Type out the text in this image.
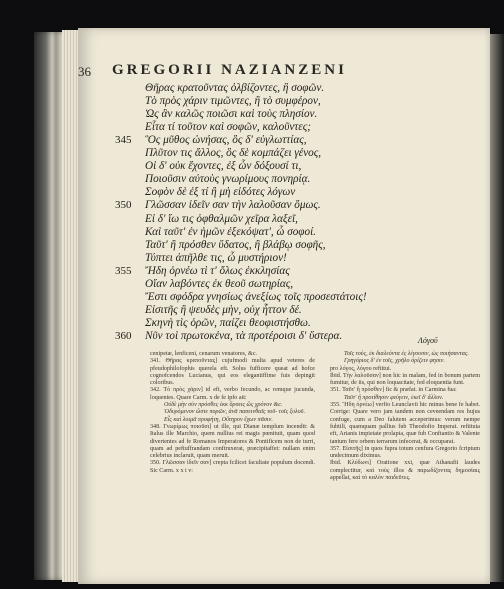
36 GREGORII NAZIANZENI
Θῆρας κρατοῦντας ὀλβίζοντες, ἢ σοφῶν.
Τὸ πρὸς χάριν τιμῶντες, ἢ τὸ συμφέρον,
Ὡς ἂν καλῶς ποιῶσι καὶ τοὺς πλησίον.
Εἶτα τί τοῦτον καὶ σοφῶν, καλοῦντες;
Ὃς μῦθος ὠνήσας, ὃς δ' εὐγλωττίας,
345
Πλῦτον τις ἄλλος, ὃς δὲ κομπάζει γένος,
Οἱ δ' οὐκ ἔχοντες, ἐξ ὧν δόξουσί τι,
Ποιοῦσιν αὐτοὺς γνωρίμους πονηρίᾳ.
Σοφὸν δὲ ἐξ τί ἢ μὴ εἰδότες λόγων
Γλῶσσαν ἰδεῖν σαν τὴν λαλοῦσαν ὅμως.
350
Εἰ δ' ἴω τις ὀφθαλμῶν χεῖρα λαξεῖ,
Καὶ ταῦτ' ἐν ἡμῶν ἐξεκόψατ', ὦ σοφοί.
Ταῦτ' ἢ πρόσθεν ὕδατος, ἢ βλάβῳ σοφῆς,
Τύπτει ἀπῆλθε τις, ὦ μυστήριον!
Ἤδη ὀρνέω τὶ τ' ὅλως ἐκκλησίας
355
Οἴαν λαβόντες ἐκ θεοῦ σωτηρίας,
Ἔστι σφόδρα γνησίως ἀνεξίως τοῖς προσεστάτοις!
Εἰσιτῆς ἢ ψευδὲς μὴν, οὐχ ἧττον δέ.
Σκηνὴ τὶς ὁρῶν, παίζει θεοφιστήσθω.
Νῦν τοὶ πρωτοκένα, τὰ προτέροισι δ' ὕστερα.
360	Λόγοῦ

cenipetæ, lenficeni, cenarum venatores, &c.

341. Θῆρας κρατοῦντας] cujufmodi multa apud veteres de pfeudophilofophis querela eft. Solus fufficere queat ad hofce cognofcendos Lucianus, qui eos elegantiffime fuis depingit coloribus.

342. Τὸ πρὸς χάριν] id eft, verbo fecundo, ac remque jucunda, loquentes. Quare Carm. x de fe ipfo ait:

Οὐδὲ μὴν σὺν πρόσθες ἐκκ ὅρσεις ὥς χρόνον &c.

Ὀδυρόμενον ὥστε πορῶν, ἀνᾶ πασεινθαῖς τοῦ- τοῖς ξυλοῦ.

Εἶς καὶ λοιμᾶ προφήτη, Οὔτηρον ἔχων πᾶσιν.

348. Γνωρίμως ποιοῦσι] ut ille, qui Dianæ templum incendit: & Italus ille Marchio, quem nullius rei magis pœnituit, quam quod divertentes ad fe Romanos Imperatores & Pontificem non de turri, quam ad peftuffrandam conftruxerat, præcipitaffet: nullam enim celebrius inclaruit, quam meruit.

350. Γλῶσσαν ἰδεῖν σαν] crepta fcilicet facultate populum docendi. Sic Carm. x x i v:

Τοῖς τούς, ἐκ διαλεόντα ἐς λέγουσιν, ὡς ποιήσαντας.

Γρηγόριος δ' ἐν τοῖς, χρῆλο ὀρίζειν φησιν.

pro λόγος, λόγου reftitui.

Ibid. Τὴν λαλοῦσαν] non hic in malam, fed in bonum partem fumitur, de iis, qui non loquacitate, fed eloquentia funt.

351. Ταῦτ' ἢ πρόσθεν] fic & præfat. in Carmina fua:

Ταῦτ' ἢ προτίθησιν φεύγειν, ἐκεῖ δ' ἄλλον.

355. Ἤδη ὀρνέω] verfio Leunclavii hic minus bene fe habet. Corrige: Quare vero jam tandem non ceveendam res hujus confuge, cum a Deo falutem acceperimus: verum nempe fubtili, quamquam pallius fub Theodofio Imperat. reftituta eft, Arianis impietate prolapia, quæ fub Conftantio & Valente tantum fere orbem terrarum infecerat, & occuparat.

357. Εἰσιτῆς] in quos fupra totum cenfura Gregorio fcriptum undecimum diximus.

Ibid. Κλύδωνι] Oratione xxi, quæ Athanafii laudes complectitur, καὶ τοὺς illos & παρωδίζοντας δημοσίαις appellat, καὶ τὸ καλὸν παιδεῦτες.
